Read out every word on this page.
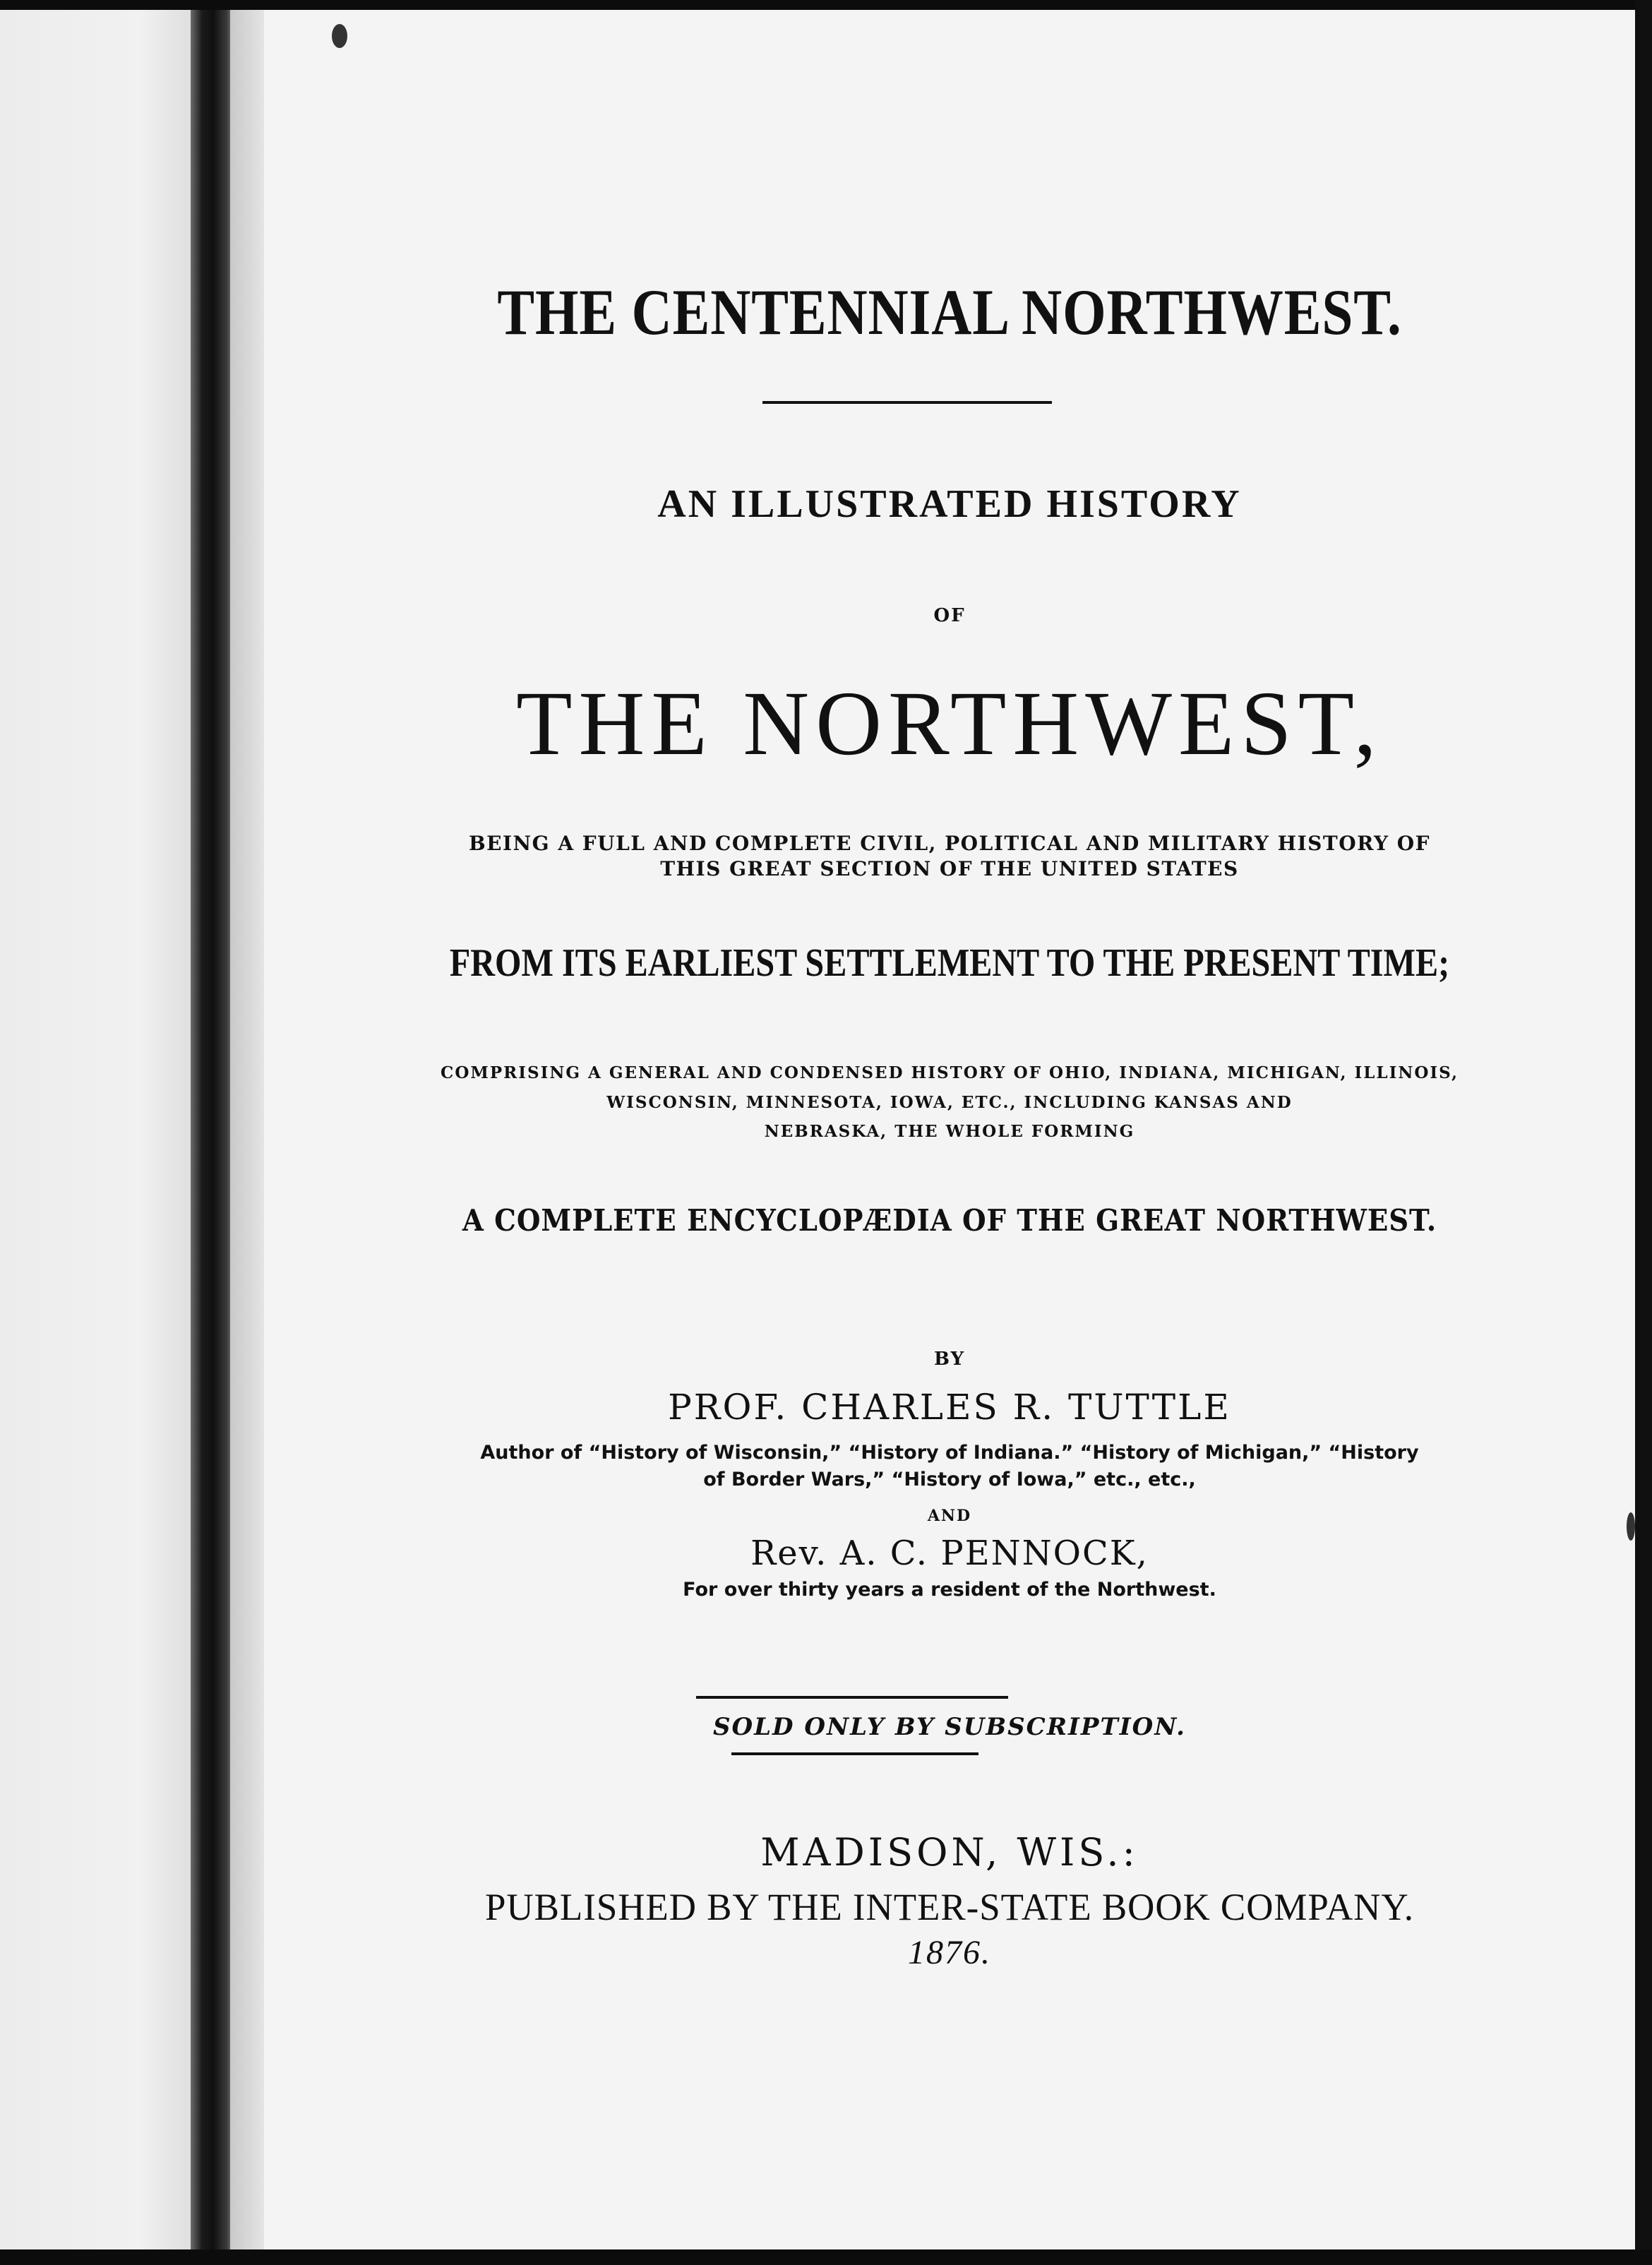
THE CENTENNIAL NORTHWEST.

AN ILLUSTRATED HISTORY

OF

THE NORTHWEST,

BEING A FULL AND COMPLETE CIVIL, POLITICAL AND MILITARY HISTORY OF

THIS GREAT SECTION OF THE UNITED STATES

FROM ITS EARLIEST SETTLEMENT TO THE PRESENT TIME;

COMPRISING A GENERAL AND CONDENSED HISTORY OF OHIO, INDIANA, MICHIGAN, ILLINOIS,

WISCONSIN, MINNESOTA, IOWA, ETC., INCLUDING KANSAS AND

NEBRASKA, THE WHOLE FORMING

A COMPLETE ENCYCLOPÆDIA OF THE GREAT NORTHWEST.

BY

PROF. CHARLES R. TUTTLE

Author of “History of Wisconsin,” “History of Indiana.” “History of Michigan,” “History

of Border Wars,” “History of Iowa,” etc., etc.,

AND

Rev. A. C. PENNOCK,

For over thirty years a resident of the Northwest.

SOLD ONLY BY SUBSCRIPTION.

MADISON, WIS.:

PUBLISHED BY THE INTER-STATE BOOK COMPANY.

1876.
